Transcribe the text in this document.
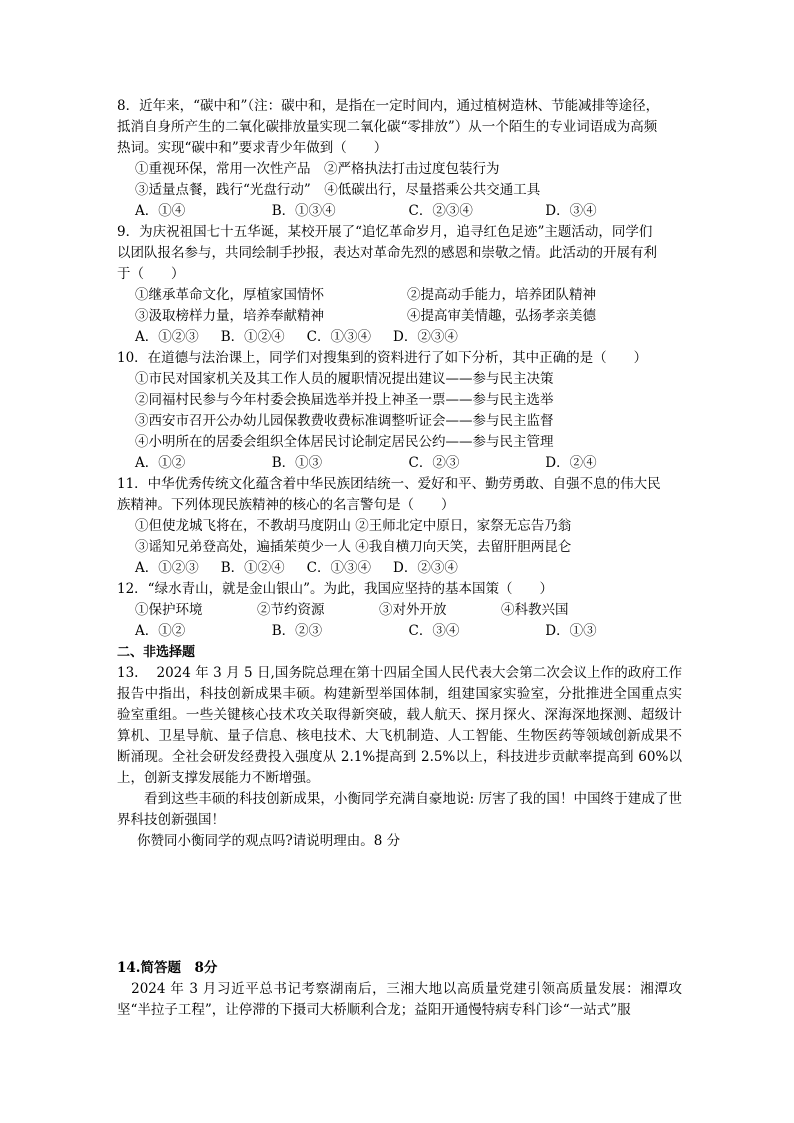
8．近年来，“碳中和”（注：碳中和，是指在一定时间内，通过植树造林、节能减排等途径，
抵消自身所产生的二氧化碳排放量实现二氧化碳“零排放”）从一个陌生的专业词语成为高频
热词。实现“碳中和”要求青少年做到（　　）
①重视环保，常用一次性产品　②严格执法打击过度包装行为
③适量点餐，践行“光盘行动”　④低碳出行，尽量搭乘公共交通工具
A．①④	B．①③④	C．②③④	D．③④
9．为庆祝祖国七十五华诞，某校开展了“追忆革命岁月，追寻红色足迹”主题活动，同学们
以团队报名参与，共同绘制手抄报，表达对革命先烈的感恩和崇敬之情。此活动的开展有利
于（　　）
①继承革命文化，厚植家国情怀	②提高动手能力，培养团队精神
③汲取榜样力量，培养奉献精神	④提高审美情趣，弘扬孝亲美德
A．①②③ B．①②④ C．①③④ D．②③④
10．在道德与法治课上，同学们对搜集到的资料进行了如下分析，其中正确的是（　　）
①市民对国家机关及其工作人员的履职情况提出建议——参与民主决策
②同福村民参与今年村委会换届选举并投上神圣一票——参与民主选举
③西安市召开公办幼儿园保教费收费标准调整听证会——参与民主监督
④小明所在的居委会组织全体居民讨论制定居民公约——参与民主管理
A．①②	B．①③	C．②③	D．②④
11．中华优秀传统文化蕴含着中华民族团结统一、爱好和平、勤劳勇敢、自强不息的伟大民
族精神。下列体现民族精神的核心的名言警句是（　　）
①但使龙城飞将在，不教胡马度阴山 ②王师北定中原日，家祭无忘告乃翁
③谣知兄弟登高处，遍插茱萸少一人 ④我自横刀向天笑，去留肝胆两昆仑
A．①②③ B．①②④ C．①③④ D．②③④
12．“绿水青山，就是金山银山”。为此，我国应坚持的基本国策（　　）
①保护环境	②节约资源	③对外开放	④科教兴国
A．①②	B．②③	C．③④	D．①③
二、非选择题
13.　 2024 年 3 月 5 日,国务院总理在第十四届全国人民代表大会第二次会议上作的政府工作报告中指出，科技创新成果丰硕。构建新型举国体制，组建国家实验室，分批推进全国重点实验室重组。一些关键核心技术攻关取得新突破，载人航天、探月探火、深海深地探测、超级计算机、卫星导航、量子信息、核电技术、大飞机制造、人工智能、生物医药等领域创新成果不断涌现。全社会研发经费投入强度从 2.1%提高到 2.5%以上，科技进步贡献率提高到 60%以上，创新支撑发展能力不断增强。
看到这些丰硕的科技创新成果，小衡同学充满自豪地说: 厉害了我的国！中国终于建成了世界科技创新强国！
你赞同小衡同学的观点吗?请说明理由。8 分
14.简答题　8分
　2024 年 3 月习近平总书记考察湖南后，三湘大地以高质量党建引领高质量发展：湘潭攻坚“半拉子工程”，让停滞的下摄司大桥顺利合龙；益阳开通慢特病专科门诊“一站式”服
